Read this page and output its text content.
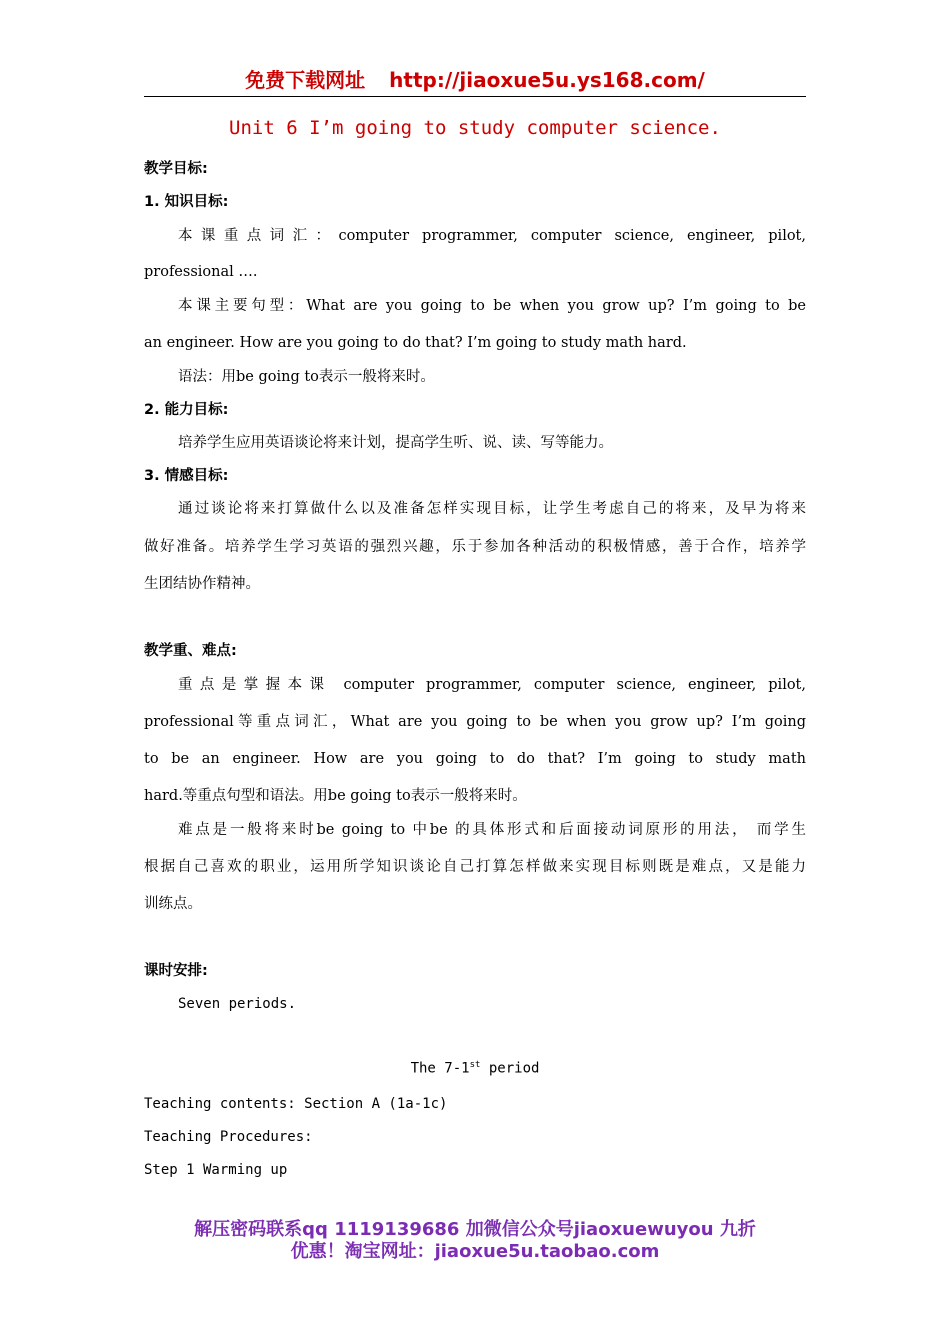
免费下载网址 http://jiaoxue5u.ys168.com/

Unit 6 I’m going to study computer science.

教学目标:

1. 知识目标:

本课重点词汇：computer programmer, computer science, engineer, pilot,

professional ….

本课主要句型：What are you going to be when you grow up? I’m going to be

an engineer. How are you going to do that? I’m going to study math hard.

语法：用be going to表示一般将来时。

2. 能力目标:

培养学生应用英语谈论将来计划，提高学生听、说、读、写等能力。

3. 情感目标:

通过谈论将来打算做什么以及准备怎样实现目标，让学生考虑自己的将来，及早为将来

做好准备。培养学生学习英语的强烈兴趣，乐于参加各种活动的积极情感，善于合作，培养学

生团结协作精神。

教学重、难点:

重点是掌握本课 computer programmer, computer science, engineer, pilot,

professional等重点词汇，What are you going to be when you grow up? I’m going

to be an engineer. How are you going to do that? I’m going to study math

hard.等重点句型和语法。用be going to表示一般将来时。

难点是一般将来时be going to 中be 的具体形式和后面接动词原形的用法， 而学生

根据自己喜欢的职业，运用所学知识谈论自己打算怎样做来实现目标则既是难点，又是能力

训练点。

课时安排:

Seven periods.

The 7-1st period

Teaching contents: Section A (1a-1c)

Teaching Procedures:

Step 1 Warming up

解压密码联系qq 1119139686 加微信公众号jiaoxuewuyou 九折

优惠！淘宝网址：jiaoxue5u.taobao.com
